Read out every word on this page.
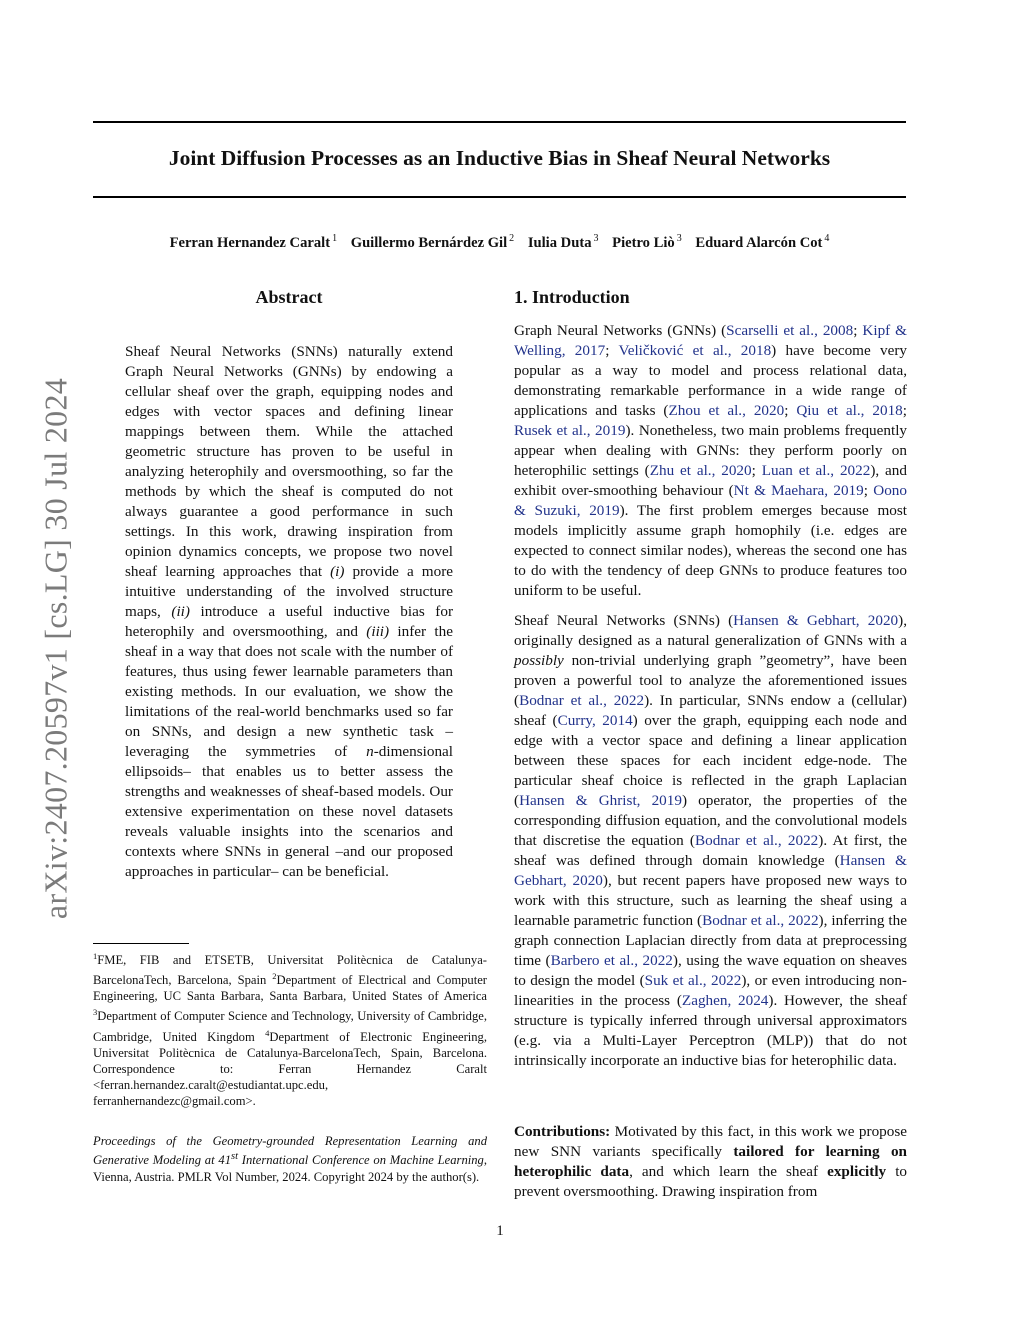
Joint Diffusion Processes as an Inductive Bias in Sheaf Neural Networks
Ferran Hernandez Caralt $^1$ Guillermo Bernárdez Gil $^2$ Iulia Duta $^3$ Pietro Liò $^3$ Eduard Alarcón Cot $^4$
arXiv:2407.20597v1 [cs.LG] 30 Jul 2024
Abstract
Sheaf Neural Networks (SNNs) naturally extend Graph Neural Networks (GNNs) by endowing a cellular sheaf over the graph, equipping nodes and edges with vector spaces and defining linear mappings between them. While the attached geometric structure has proven to be useful in analyzing heterophily and oversmoothing, so far the methods by which the sheaf is computed do not always guarantee a good performance in such settings. In this work, drawing inspiration from opinion dynamics concepts, we propose two novel sheaf learning approaches that (i) provide a more intuitive understanding of the involved structure maps, (ii) introduce a useful inductive bias for heterophily and oversmoothing, and (iii) infer the sheaf in a way that does not scale with the number of features, thus using fewer learnable parameters than existing methods. In our evaluation, we show the limitations of the real-world benchmarks used so far on SNNs, and design a new synthetic task –leveraging the symmetries of n-dimensional ellipsoids– that enables us to better assess the strengths and weaknesses of sheaf-based models. Our extensive experimentation on these novel datasets reveals valuable insights into the scenarios and contexts where SNNs in general –and our proposed approaches in particular– can be beneficial.
$^1$FME, FIB and ETSETB, Universitat Politècnica de Catalunya-BarcelonaTech, Barcelona, Spain $^2$Department of Electrical and Computer Engineering, UC Santa Barbara, Santa Barbara, United States of America $^3$Department of Computer Science and Technology, University of Cambridge, Cambridge, United Kingdom $^4$Department of Electronic Engineering, Universitat Politècnica de Catalunya-BarcelonaTech, Spain, Barcelona. Correspondence to: Ferran Hernandez Caralt <ferran.hernandez.caralt@estudiantat.upc.edu, ferranhernandezc@gmail.com>.
Proceedings of the Geometry-grounded Representation Learning and Generative Modeling at 41st International Conference on Machine Learning, Vienna, Austria. PMLR Vol Number, 2024. Copyright 2024 by the author(s).
1. Introduction

Graph Neural Networks (GNNs) (Scarselli et al., 2008; Kipf & Welling, 2017; Veličković et al., 2018) have become very popular as a way to model and process relational data, demonstrating remarkable performance in a wide range of applications and tasks (Zhou et al., 2020; Qiu et al., 2018; Rusek et al., 2019). Nonetheless, two main problems frequently appear when dealing with GNNs: they perform poorly on heterophilic settings (Zhu et al., 2020; Luan et al., 2022), and exhibit over-smoothing behaviour (Nt & Maehara, 2019; Oono & Suzuki, 2019). The first problem emerges because most models implicitly assume graph homophily (i.e. edges are expected to connect similar nodes), whereas the second one has to do with the tendency of deep GNNs to produce features too uniform to be useful.

Sheaf Neural Networks (SNNs) (Hansen & Gebhart, 2020), originally designed as a natural generalization of GNNs with a possibly non-trivial underlying graph ”geometry”, have been proven a powerful tool to analyze the aforementioned issues (Bodnar et al., 2022). In particular, SNNs endow a (cellular) sheaf (Curry, 2014) over the graph, equipping each node and edge with a vector space and defining a linear application between these spaces for each incident edge-node. The particular sheaf choice is reflected in the graph Laplacian (Hansen & Ghrist, 2019) operator, the properties of the corresponding diffusion equation, and the convolutional models that discretise the equation (Bodnar et al., 2022). At first, the sheaf was defined through domain knowledge (Hansen & Gebhart, 2020), but recent papers have proposed new ways to work with this structure, such as learning the sheaf using a learnable parametric function (Bodnar et al., 2022), inferring the graph connection Laplacian directly from data at preprocessing time (Barbero et al., 2022), using the wave equation on sheaves to design the model (Suk et al., 2022), or even introducing non-linearities in the process (Zaghen, 2024). However, the sheaf structure is typically inferred through universal approximators (e.g. via a Multi-Layer Perceptron (MLP)) that do not intrinsically incorporate an inductive bias for heterophilic data.

Contributions: Motivated by this fact, in this work we propose new SNN variants specifically tailored for learning on heterophilic data, and which learn the sheaf explicitly to prevent oversmoothing. Drawing inspiration from
1
